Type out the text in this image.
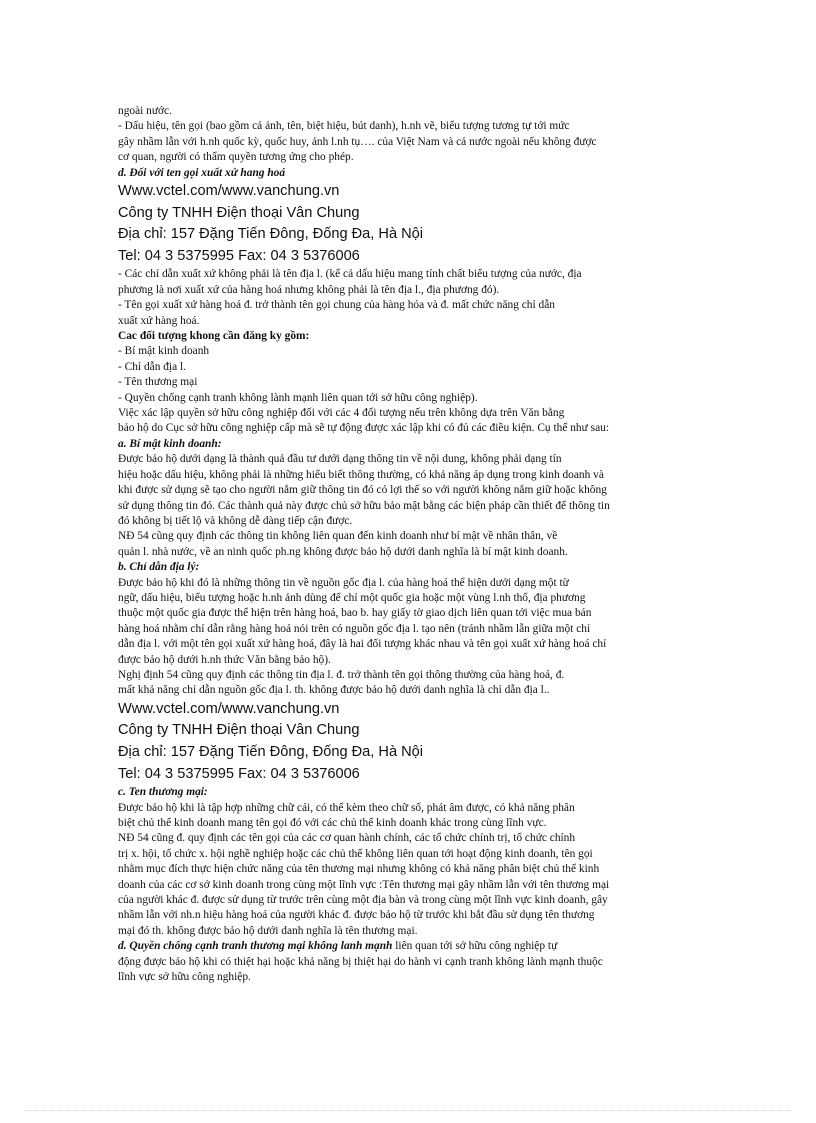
ngoài nước.
- Dấu hiệu, tên gọi (bao gồm cả ảnh, tên, biệt hiệu, bút danh), h.nh vẽ, biểu tượng tương tự tới mức
gây nhầm lẫn với h.nh quốc kỳ, quốc huy, ảnh l.nh tụ…. của Việt Nam và cả nước ngoài nếu không được
cơ quan, người có thẩm quyền tương ứng cho phép.
d. Đối với ten gọi xuất xứ hang hoá
Www.vctel.com/www.vanchung.vn
Công ty TNHH Điện thoại Vân Chung
Địa chỉ: 157 Đặng Tiến Đông, Đống Đa, Hà Nội
Tel: 04 3 5375995 Fax: 04 3 5376006
- Các chỉ dẫn xuất xứ không phải là tên địa l. (kể cả dấu hiệu mang tính chất biểu tượng của nước, địa
phương là nơi xuất xứ của hàng hoá nhưng không phải là tên địa l., địa phương đó).
- Tên gọi xuất xứ hàng hoá đ. trở thành tên gọi chung của hàng hóa và đ. mất chức năng chỉ dẫn
xuất xứ hàng hoá.
Cac đối tượng khong cần đăng ky gồm:
- Bí mật kinh doanh
- Chỉ dẫn địa l.
- Tên thương mại
- Quyền chống cạnh tranh không lành mạnh liên quan tới sở hữu công nghiệp).
Việc xác lập quyền sở hữu công nghiệp đối với các 4 đối tượng nếu trên không dựa trên Văn bằng
bảo hộ do Cục sở hữu công nghiệp cấp mà sẽ tự động được xác lập khi có đủ các điều kiện. Cụ thể như sau:
a. Bí mật kinh doanh:
Được bảo hộ dưới dạng là thành quả đầu tư dưới dạng thông tin về nội dung, không phải dạng tín
hiệu hoặc dấu hiệu, không phải là những hiểu biết thông thường, có khả năng áp dụng trong kinh doanh và
khi được sử dụng sẽ tạo cho người nắm giữ thông tin đó có lợi thế so với người không nắm giữ hoặc không
sử dụng thông tin đó. Các thành quả này được chủ sở hữu bảo mật bằng các biện pháp cần thiết để thông tin
đó không bị tiết lộ và không dễ dàng tiếp cận được.
NĐ 54 cũng quy định các thông tin không liên quan đến kinh doanh như bí mật về nhân thân, về
quản l. nhà nước, về an ninh quốc ph.ng không được bảo hộ dưới danh nghĩa là bí mật kinh doanh.
b. Chỉ dẫn địa lý:
Được bảo hộ khi đó là những thông tin về nguồn gốc địa l. của hàng hoá thể hiện dưới dạng một từ
ngữ, dấu hiệu, biểu tượng hoặc h.nh ảnh dùng để chỉ một quốc gia hoặc một vùng l.nh thổ, địa phương
thuộc một quốc gia được thể hiện trên hàng hoá, bao b. hay giấy tờ giao dịch liên quan tới việc mua bán
hàng hoá nhằm chỉ dẫn rằng hàng hoá nói trên có nguồn gốc địa l. tạo nên (tránh nhầm lẫn giữa một chỉ
dẫn địa l. với một tên gọi xuất xứ hàng hoá, đây là hai đối tượng khác nhau và tên gọi xuất xứ hàng hoá chỉ
được bảo hộ dưới h.nh thức Văn bằng bảo hộ).
Nghị định 54 cũng quy định các thông tin địa l. đ. trở thành tên gọi thông thường của hàng hoá, đ.
mất khả năng chỉ dẫn nguồn gốc địa l. th. không được bảo hộ dưới danh nghĩa là chỉ dẫn địa l..
Www.vctel.com/www.vanchung.vn
Công ty TNHH Điện thoại Vân Chung
Địa chỉ: 157 Đặng Tiến Đông, Đống Đa, Hà Nội
Tel: 04 3 5375995 Fax: 04 3 5376006
c. Ten thương mại:
Được bảo hộ khi là tập hợp những chữ cái, có thể kèm theo chữ số, phát âm được, có khả năng phân
biệt chủ thể kinh doanh mang tên gọi đó với các chủ thể kinh doanh khác trong cùng lĩnh vực.
NĐ 54 cũng đ. quy định các tên gọi của các cơ quan hành chính, các tổ chức chính trị, tổ chức chính
trị x. hội, tổ chức x. hội nghề nghiệp hoặc các chủ thể không liên quan tới hoạt động kinh doanh, tên gọi
nhằm mục đích thực hiện chức năng của tên thương mại nhưng không có khả năng phân biệt chủ thể kinh
doanh của các cơ sở kinh doanh trong cùng một lĩnh vực :Tên thương mại gây nhầm lẫn với tên thương mại
của người khác đ. được sử dụng từ trước trên cùng một địa bàn và trong cùng một lĩnh vực kinh doanh, gây
nhầm lẫn với nh.n hiệu hàng hoá của người khác đ. được bảo hộ từ trước khi bắt đầu sử dụng tên thương
mại đó th. không được bảo hộ dưới danh nghĩa là tên thương mại.
d. Quyền chống cạnh tranh thương mại không lanh mạnh liên quan tới sở hữu công nghiệp tự
động được bảo hộ khi có thiệt hại hoặc khả năng bị thiệt hại do hành vi cạnh tranh không lành mạnh thuộc
lĩnh vực sở hữu công nghiệp.
